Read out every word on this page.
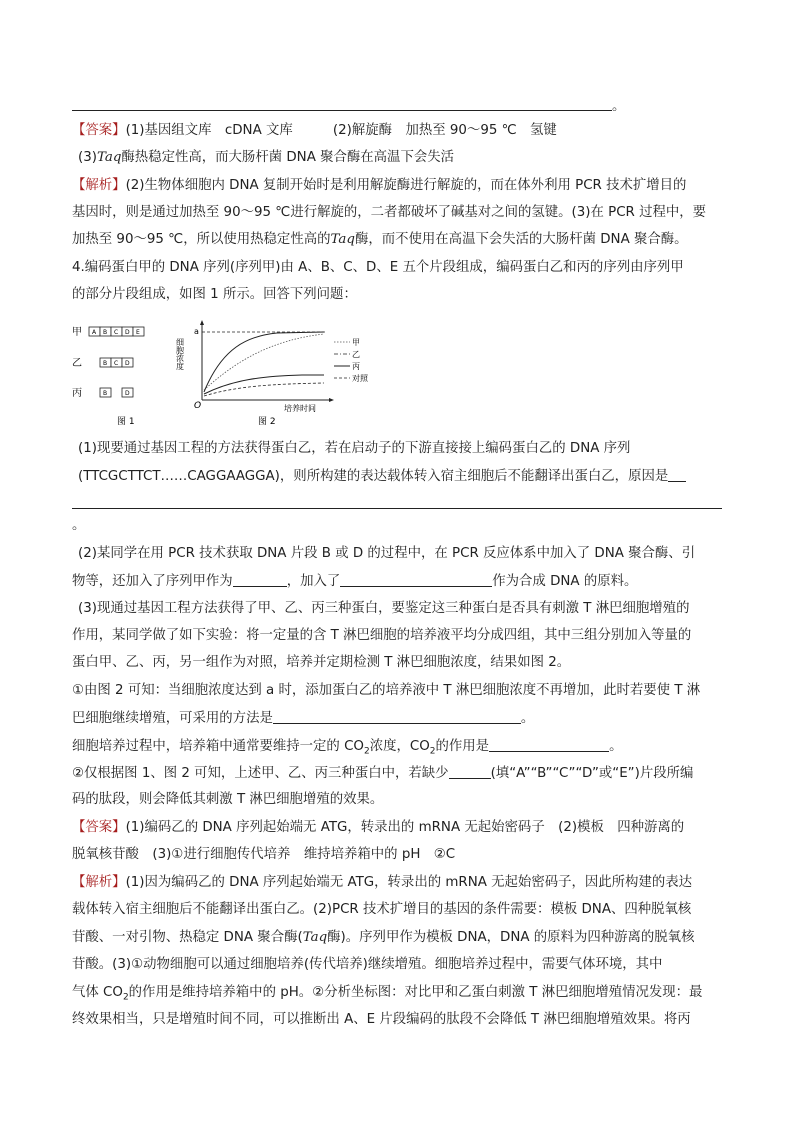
。
【答案】(1)基因组文库　cDNA 文库　　　(2)解旋酶　加热至 90～95 ℃　氢键
(3)Taq酶热稳定性高，而大肠杆菌 DNA 聚合酶在高温下会失活
【解析】(2)生物体细胞内 DNA 复制开始时是利用解旋酶进行解旋的，而在体外利用 PCR 技术扩增目的
基因时，则是通过加热至 90～95 ℃进行解旋的，二者都破坏了碱基对之间的氢键。(3)在 PCR 过程中，要
加热至 90～95 ℃，所以使用热稳定性高的Taq酶，而不使用在高温下会失活的大肠杆菌 DNA 聚合酶。
4.编码蛋白甲的 DNA 序列(序列甲)由 A、B、C、D、E 五个片段组成，编码蛋白乙和丙的序列由序列甲
的部分片段组成，如图 1 所示。回答下列问题：
甲
乙
丙
A B C D E
B C D
B	D
图 1
O
a
细胞浓度
培养时间
甲
乙
丙
对照
图 2
(1)现要通过基因工程的方法获得蛋白乙，若在启动子的下游直接接上编码蛋白乙的 DNA 序列
(TTCGCTTCT……CAGGAAGGA)，则所构建的表达载体转入宿主细胞后不能翻译出蛋白乙，原因是
。
(2)某同学在用 PCR 技术获取 DNA 片段 B 或 D 的过程中，在 PCR 反应体系中加入了 DNA 聚合酶、引
物等，还加入了序列甲作为	，加入了	作为合成 DNA 的原料。
(3)现通过基因工程方法获得了甲、乙、丙三种蛋白，要鉴定这三种蛋白是否具有刺激 T 淋巴细胞增殖的
作用，某同学做了如下实验：将一定量的含 T 淋巴细胞的培养液平均分成四组，其中三组分别加入等量的
蛋白甲、乙、丙，另一组作为对照，培养并定期检测 T 淋巴细胞浓度，结果如图 2。
①由图 2 可知：当细胞浓度达到 a 时，添加蛋白乙的培养液中 T 淋巴细胞浓度不再增加，此时若要使 T 淋
巴细胞继续增殖，可采用的方法是	。
细胞培养过程中，培养箱中通常要维持一定的 $CO_2$浓度，$CO_2$的作用是	。
②仅根据图 1、图 2 可知，上述甲、乙、丙三种蛋白中，若缺少	(填“A”“B”“C”“D”或“E”)片段所编
码的肽段，则会降低其刺激 T 淋巴细胞增殖的效果。
【答案】(1)编码乙的 DNA 序列起始端无 ATG，转录出的 mRNA 无起始密码子　(2)模板　四种游离的
脱氧核苷酸　(3)①进行细胞传代培养　维持培养箱中的 pH　②C
【解析】(1)因为编码乙的 DNA 序列起始端无 ATG，转录出的 mRNA 无起始密码子，因此所构建的表达
载体转入宿主细胞后不能翻译出蛋白乙。(2)PCR 技术扩增目的基因的条件需要：模板 DNA、四种脱氧核
苷酸、一对引物、热稳定 DNA 聚合酶(Taq酶)。序列甲作为模板 DNA，DNA 的原料为四种游离的脱氧核
苷酸。(3)①动物细胞可以通过细胞培养(传代培养)继续增殖。细胞培养过程中，需要气体环境，其中
气体 $CO_2$的作用是维持培养箱中的 pH。②分析坐标图：对比甲和乙蛋白刺激 T 淋巴细胞增殖情况发现：最
终效果相当，只是增殖时间不同，可以推断出 A、E 片段编码的肽段不会降低 T 淋巴细胞增殖效果。将丙
